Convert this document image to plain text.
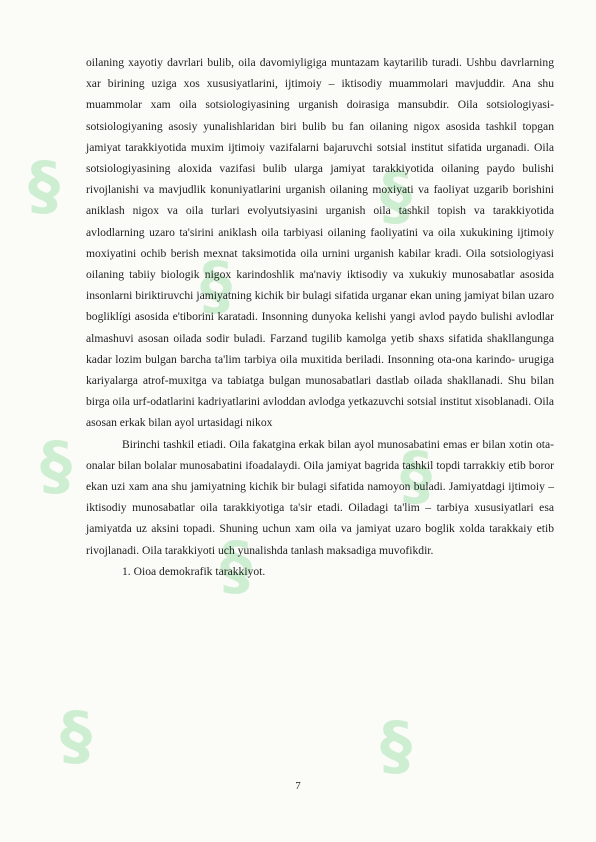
§
§
§
§
§
§
§	§

oilaning xayotiy davrlari bulib, oila davomiyligiga muntazam kaytarilib turadi. Ushbu davrlarning xar birining uziga xos xususiyatlarini, ijtimoiy – iktisodiy muammolari mavjuddir. Ana shu muammolar xam oila sotsiologiyasining urganish doirasiga mansubdir. Oila sotsiologiyasi- sotsiologiyaning asosiy yunalishlaridan biri bulib bu fan oilaning nigox asosida tashkil topgan jamiyat tarakkiyotida muxim ijtimoiy vazifalarni bajaruvchi sotsial institut sifatida urganadi. Oila sotsiologiyasining aloxida vazifasi bulib ularga jamiyat tarakkiyotida oilaning paydo bulishi rivojlanishi va mavjudlik konuniyatlarini urganish oilaning moxiyati va faoliyat uzgarib borishini aniklash nigox va oila turlari evolyutsiyasini urganish oila tashkil topish va tarakkiyotida avlodlarning uzaro ta'sirini aniklash oila tarbiyasi oilaning faoliyatini va oila xukukining ijtimoiy moxiyatini ochib berish mexnat taksimotida oila urnini urganish kabilar kradi. Oila sotsiologiyasi oilaning tabiiy biologik nigox karindoshlik ma'naviy iktisodiy va xukukiy munosabatlar asosida insonlarni biriktiruvchi jamiyatning kichik bir bulagi sifatida urganar ekan uning jamiyat bilan uzaro bogliklígi asosida e'tiborini karatadi. Insonning dunyoka kelishi yangi avlod paydo bulishi avlodlar almashuvi asosan oilada sodir buladi. Farzand tugilib kamolga yetib shaxs sifatida shakllangunga kadar lozim bulgan barcha ta'lim tarbiya oila muxitida beriladi. Insonning ota-ona karindo- urugiga kariyalarga atrof-muxitga va tabiatga bulgan munosabatlari dastlab oilada shakllanadi. Shu bilan birga oila urf-odatlarini kadriyatlarini avloddan avlodga yetkazuvchi sotsial institut xisoblanadi. Oila asosan erkak bilan ayol urtasidagi nikox

Birinchi tashkil etiadi. Oila fakatgina erkak bilan ayol munosabatini emas er bilan xotin ota-onalar bilan bolalar munosabatini ifoadalaydi. Oila jamiyat bagrida tashkil topdi tarrakkiy etib boror ekan uzi xam ana shu jamiyatning kichik bir bulagi sifatida namoyon buladi. Jamiyatdagi ijtimoiy – iktisodiy munosabatlar oila tarakkiyotiga ta'sir etadi. Oiladagi ta'lim – tarbiya xususiyatlari esa jamiyatda uz aksini topadi. Shuning uchun xam oila va jamiyat uzaro boglik xolda tarakkaiy etib rivojlanadi. Oila tarakkiyoti uch yunalishda tanlash maksadiga muvofikdir.

1. Oioa demokrafik tarakkiyot.

7
